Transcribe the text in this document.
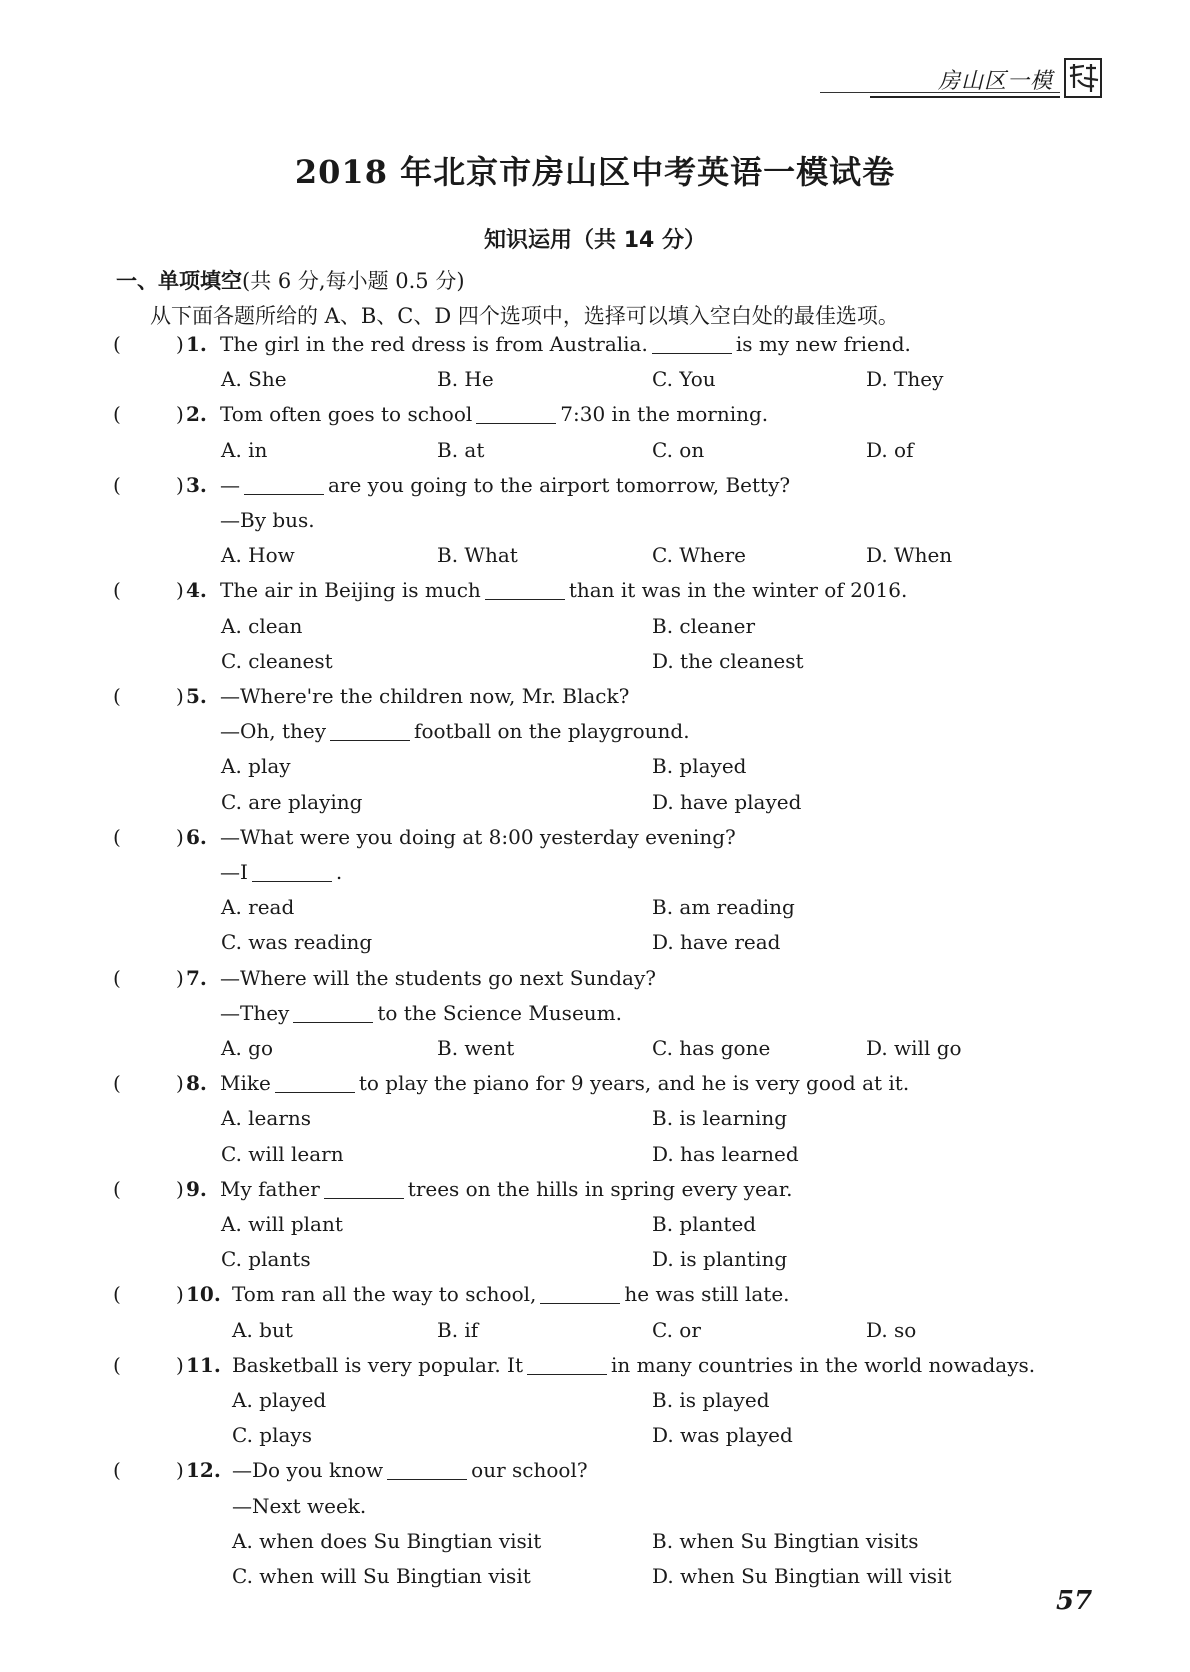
房山区一模
2018 年北京市房山区中考英语一模试卷
知识运用（共 14 分）
一、单项填空(共 6 分,每小题 0.5 分)
从下面各题所给的 A、B、C、D 四个选项中，选择可以填入空白处的最佳选项。
(	) 1. The girl in the red dress is from Australia.	is my new friend.
A. She	B. He	C. You	D. They
(	) 2. Tom often goes to school	7:30 in the morning.
A. in	B. at	C. on	D. of
(	) 3. —	are you going to the airport tomorrow, Betty?
—By bus.
A. How	B. What	C. Where	D. When
(	) 4. The air in Beijing is much	than it was in the winter of 2016.
A. clean	B. cleaner
C. cleanest	D. the cleanest
(	) 5. —Where're the children now, Mr. Black?
—Oh, they	football on the playground.
A. play	B. played
C. are playing	D. have played
(	) 6. —What were you doing at 8:00 yesterday evening?
—I	.
A. read	B. am reading
C. was reading	D. have read
(	) 7. —Where will the students go next Sunday?
—They	to the Science Museum.
A. go	B. went	C. has gone	D. will go
(	) 8. Mike	to play the piano for 9 years, and he is very good at it.
A. learns	B. is learning
C. will learn	D. has learned
(	) 9. My father	trees on the hills in spring every year.
A. will plant	B. planted
C. plants	D. is planting
(	) 10. Tom ran all the way to school,	he was still late.
A. but	B. if	C. or	D. so
(	) 11. Basketball is very popular. It	in many countries in the world nowadays.
A. played	B. is played
C. plays	D. was played
(	) 12. —Do you know	our school?
—Next week.
A. when does Su Bingtian visit	B. when Su Bingtian visits
C. when will Su Bingtian visit	D. when Su Bingtian will visit
57
